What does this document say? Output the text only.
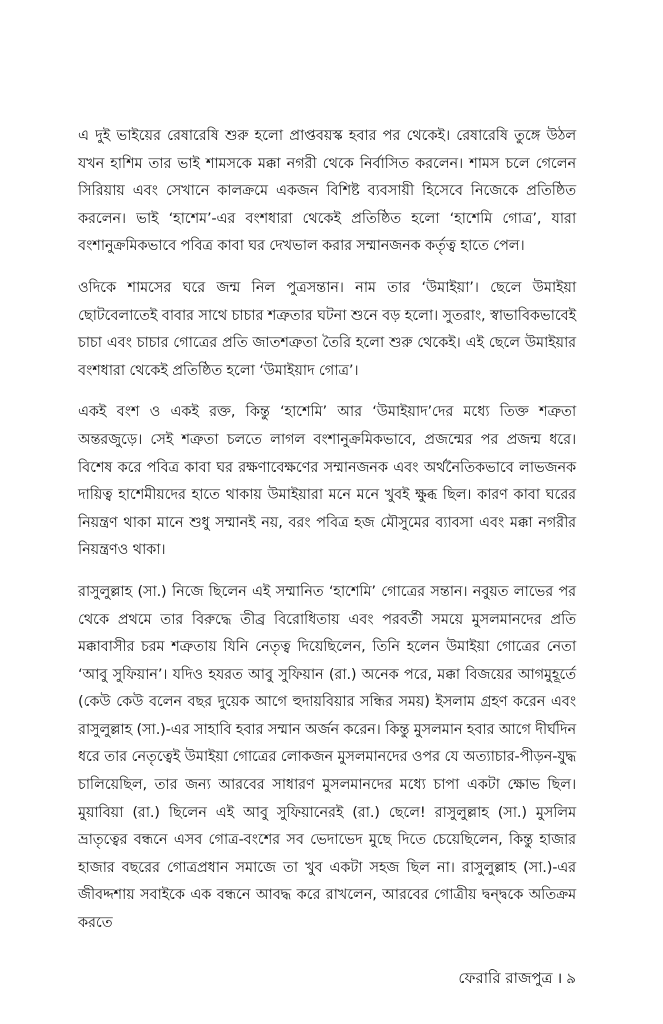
এ দুই ভাইয়ের রেষারেষি শুরু হলো প্রাপ্তবয়স্ক হবার পর থেকেই। রেষারেষি তুঙ্গে উঠল যখন হাশিম তার ভাই শামসকে মক্কা নগরী থেকে নির্বাসিত করলেন। শামস চলে গেলেন সিরিয়ায় এবং সেখানে কালক্রমে একজন বিশিষ্ট ব্যবসায়ী হিসেবে নিজেকে প্রতিষ্ঠিত করলেন। ভাই ‘হাশেম’-এর বংশধারা থেকেই প্রতিষ্ঠিত হলো ‘হাশেমি গোত্র’, যারা বংশানুক্রমিকভাবে পবিত্র কাবা ঘর দেখভাল করার সম্মানজনক কর্তৃত্ব হাতে পেল।

ওদিকে শামসের ঘরে জন্ম নিল পুত্রসন্তান। নাম তার ‘উমাইয়া’। ছেলে উমাইয়া ছোটবেলাতেই বাবার সাথে চাচার শত্রুতার ঘটনা শুনে বড় হলো। সুতরাং, স্বাভাবিকভাবেই চাচা এবং চাচার গোত্রের প্রতি জাতশত্রুতা তৈরি হলো শুরু থেকেই। এই ছেলে উমাইয়ার বংশধারা থেকেই প্রতিষ্ঠিত হলো ‘উমাইয়াদ গোত্র’।

একই বংশ ও একই রক্ত, কিন্তু ‘হাশেমি’ আর ‘উমাইয়াদ’দের মধ্যে তিক্ত শত্রুতা অন্তরজুড়ে। সেই শত্রুতা চলতে লাগল বংশানুক্রমিকভাবে, প্রজন্মের পর প্রজন্ম ধরে। বিশেষ করে পবিত্র কাবা ঘর রক্ষণাবেক্ষণের সম্মানজনক এবং অর্থনৈতিকভাবে লাভজনক দায়িত্ব হাশেমীয়দের হাতে থাকায় উমাইয়ারা মনে মনে খুবই ক্ষুব্ধ ছিল। কারণ কাবা ঘরের নিয়ন্ত্রণ থাকা মানে শুধু সম্মানই নয়, বরং পবিত্র হজ মৌসুমের ব্যাবসা এবং মক্কা নগরীর নিয়ন্ত্রণও থাকা।

রাসুলুল্লাহ (সা.) নিজে ছিলেন এই সম্মানিত ‘হাশেমি’ গোত্রের সন্তান। নবুয়ত লাভের পর থেকে প্রথমে তার বিরুদ্ধে তীব্র বিরোধিতায় এবং পরবর্তী সময়ে মুসলমানদের প্রতি মক্কাবাসীর চরম শত্রুতায় যিনি নেতৃত্ব দিয়েছিলেন, তিনি হলেন উমাইয়া গোত্রের নেতা ‘আবু সুফিয়ান’। যদিও হযরত আবু সুফিয়ান (রা.) অনেক পরে, মক্কা বিজয়ের আগমুহূর্তে (কেউ কেউ বলেন বছর দুয়েক আগে হুদায়বিয়ার সন্ধির সময়) ইসলাম গ্রহণ করেন এবং রাসুলুল্লাহ (সা.)-এর সাহাবি হবার সম্মান অর্জন করেন। কিন্তু মুসলমান হবার আগে দীর্ঘদিন ধরে তার নেতৃত্বেই উমাইয়া গোত্রের লোকজন মুসলমানদের ওপর যে অত্যাচার-পীড়ন-যুদ্ধ চালিয়েছিল, তার জন্য আরবের সাধারণ মুসলমানদের মধ্যে চাপা একটা ক্ষোভ ছিল। মুয়াবিয়া (রা.) ছিলেন এই আবু সুফিয়ানেরই (রা.) ছেলে! রাসুলুল্লাহ (সা.) মুসলিম ভ্রাতৃত্বের বন্ধনে এসব গোত্র-বংশের সব ভেদাভেদ মুছে দিতে চেয়েছিলেন, কিন্তু হাজার হাজার বছরের গোত্রপ্রধান সমাজে তা খুব একটা সহজ ছিল না। রাসুলুল্লাহ (সা.)-এর জীবদ্দশায় সবাইকে এক বন্ধনে আবদ্ধ করে রাখলেন, আরবের গোত্রীয় দ্বন্দ্বকে অতিক্রম করতে

ফেরারি রাজপুত্র । ৯
